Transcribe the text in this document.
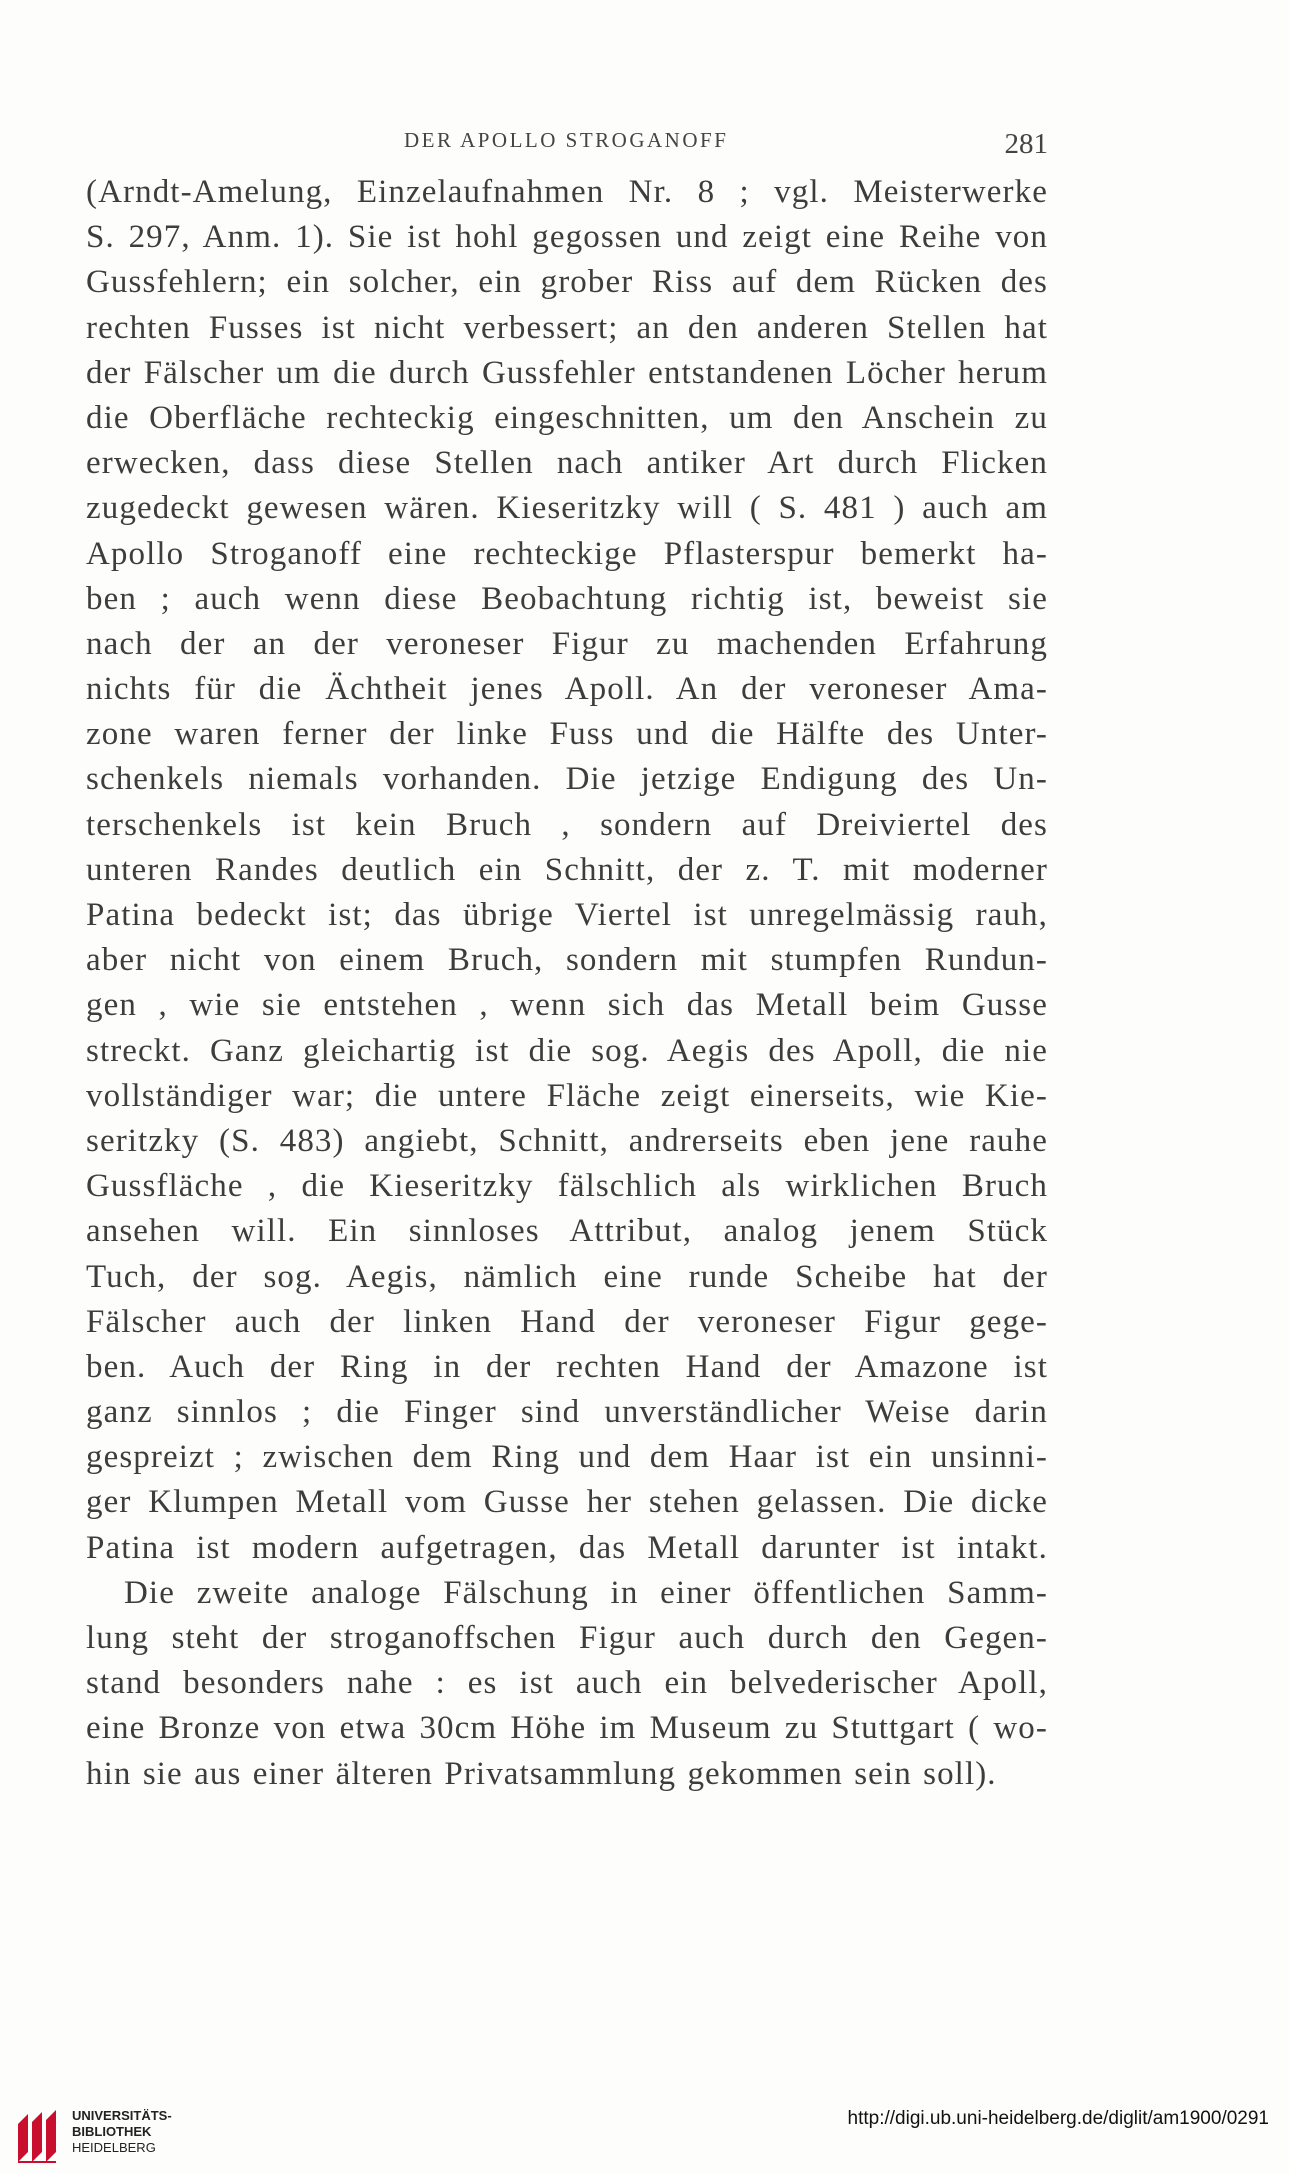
DER APOLLO STROGANOFF	281
(Arndt-Amelung, Einzelaufnahmen Nr. 8 ; vgl. Meisterwerke
S. 297, Anm. 1). Sie ist hohl gegossen und zeigt eine Reihe von
Gussfehlern; ein solcher, ein grober Riss auf dem Rücken des
rechten Fusses ist nicht verbessert; an den anderen Stellen hat
der Fälscher um die durch Gussfehler entstandenen Löcher herum
die Oberfläche rechteckig eingeschnitten, um den Anschein zu
erwecken, dass diese Stellen nach antiker Art durch Flicken
zugedeckt gewesen wären. Kieseritzky will ( S. 481 ) auch am
Apollo Stroganoff eine rechteckige Pflasterspur bemerkt ha-
ben ; auch wenn diese Beobachtung richtig ist, beweist sie
nach der an der veroneser Figur zu machenden Erfahrung
nichts für die Ächtheit jenes Apoll. An der veroneser Ama-
zone waren ferner der linke Fuss und die Hälfte des Unter-
schenkels niemals vorhanden. Die jetzige Endigung des Un-
terschenkels ist kein Bruch , sondern auf Dreiviertel des
unteren Randes deutlich ein Schnitt, der z. T. mit moderner
Patina bedeckt ist; das übrige Viertel ist unregelmässig rauh,
aber nicht von einem Bruch, sondern mit stumpfen Rundun-
gen , wie sie entstehen , wenn sich das Metall beim Gusse
streckt. Ganz gleichartig ist die sog. Aegis des Apoll, die nie
vollständiger war; die untere Fläche zeigt einerseits, wie Kie-
seritzky (S. 483) angiebt, Schnitt, andrerseits eben jene rauhe
Gussfläche , die Kieseritzky fälschlich als wirklichen Bruch
ansehen will. Ein sinnloses Attribut, analog jenem Stück
Tuch, der sog. Aegis, nämlich eine runde Scheibe hat der
Fälscher auch der linken Hand der veroneser Figur gege-
ben. Auch der Ring in der rechten Hand der Amazone ist
ganz sinnlos ; die Finger sind unverständlicher Weise darin
gespreizt ; zwischen dem Ring und dem Haar ist ein unsinni-
ger Klumpen Metall vom Gusse her stehen gelassen. Die dicke
Patina ist modern aufgetragen, das Metall darunter ist intakt.
Die zweite analoge Fälschung in einer öffentlichen Samm-
lung steht der stroganoffschen Figur auch durch den Gegen-
stand besonders nahe : es ist auch ein belvederischer Apoll,
eine Bronze von etwa 30cm Höhe im Museum zu Stuttgart ( wo-
hin sie aus einer älteren Privatsammlung gekommen sein soll).
UNIVERSITÄTS-
BIBLIOTHEK
HEIDELBERG
http://digi.ub.uni-heidelberg.de/diglit/am1900/0291
